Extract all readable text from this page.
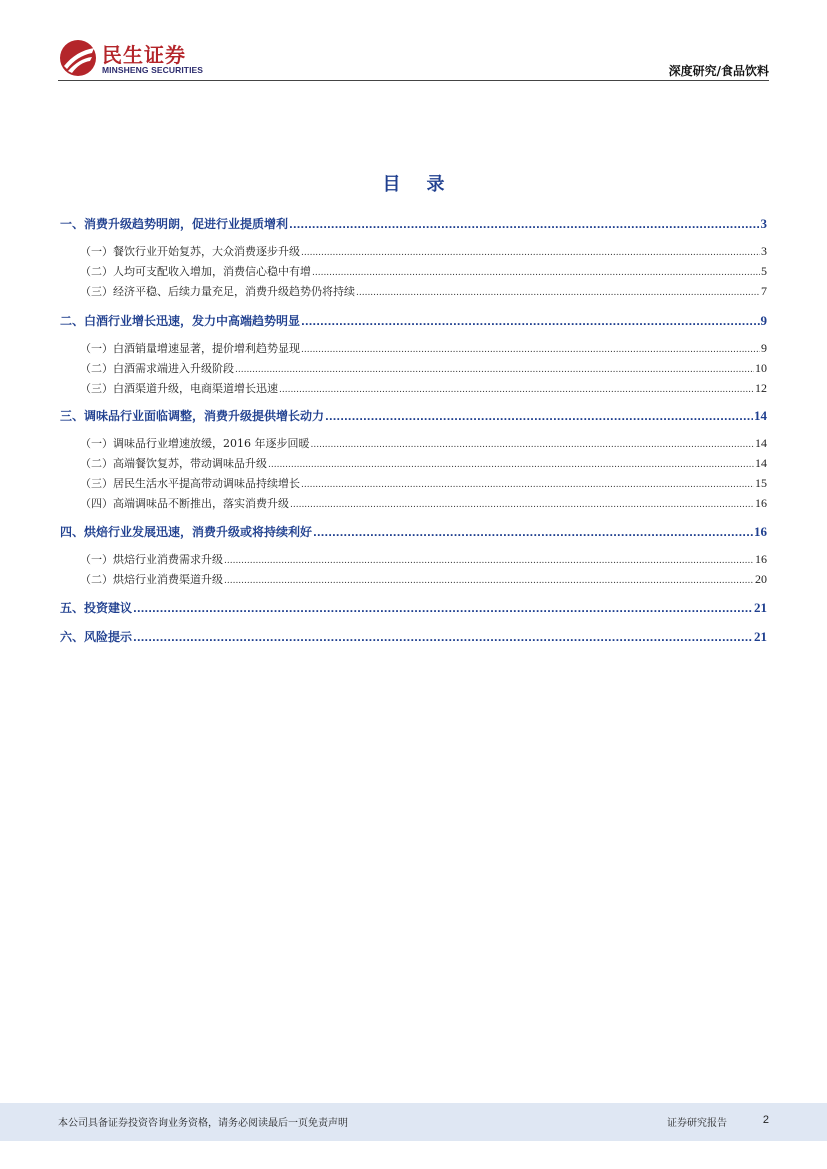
民生证券
MINSHENG SECURITIES	深度研究/食品饮料
目录
一、消费升级趋势明朗，促进行业提质增利 .....	3
（一）餐饮行业开始复苏，大众消费逐步升级 .....	3
（二）人均可支配收入增加，消费信心稳中有增 .....	5
（三）经济平稳、后续力量充足，消费升级趋势仍将持续 .....	7
二、白酒行业增长迅速，发力中高端趋势明显 .....	9
（一）白酒销量增速显著，提价增利趋势显现 .....	9
（二）白酒需求端进入升级阶段 .....	10
（三）白酒渠道升级，电商渠道增长迅速 .....	12
三、调味品行业面临调整，消费升级提供增长动力 .....	14
（一）调味品行业增速放缓，2016 年逐步回暖 .....	14
（二）高端餐饮复苏，带动调味品升级 .....	14
（三）居民生活水平提高带动调味品持续增长 .....	15
（四）高端调味品不断推出，落实消费升级 .....	16
四、烘焙行业发展迅速，消费升级或将持续利好 .....	16
（一）烘焙行业消费需求升级 .....	16
（二）烘焙行业消费渠道升级 .....	20
五、投资建议 .....	21
六、风险提示 .....	21
本公司具备证券投资咨询业务资格，请务必阅读最后一页免责声明	证券研究报告	2
